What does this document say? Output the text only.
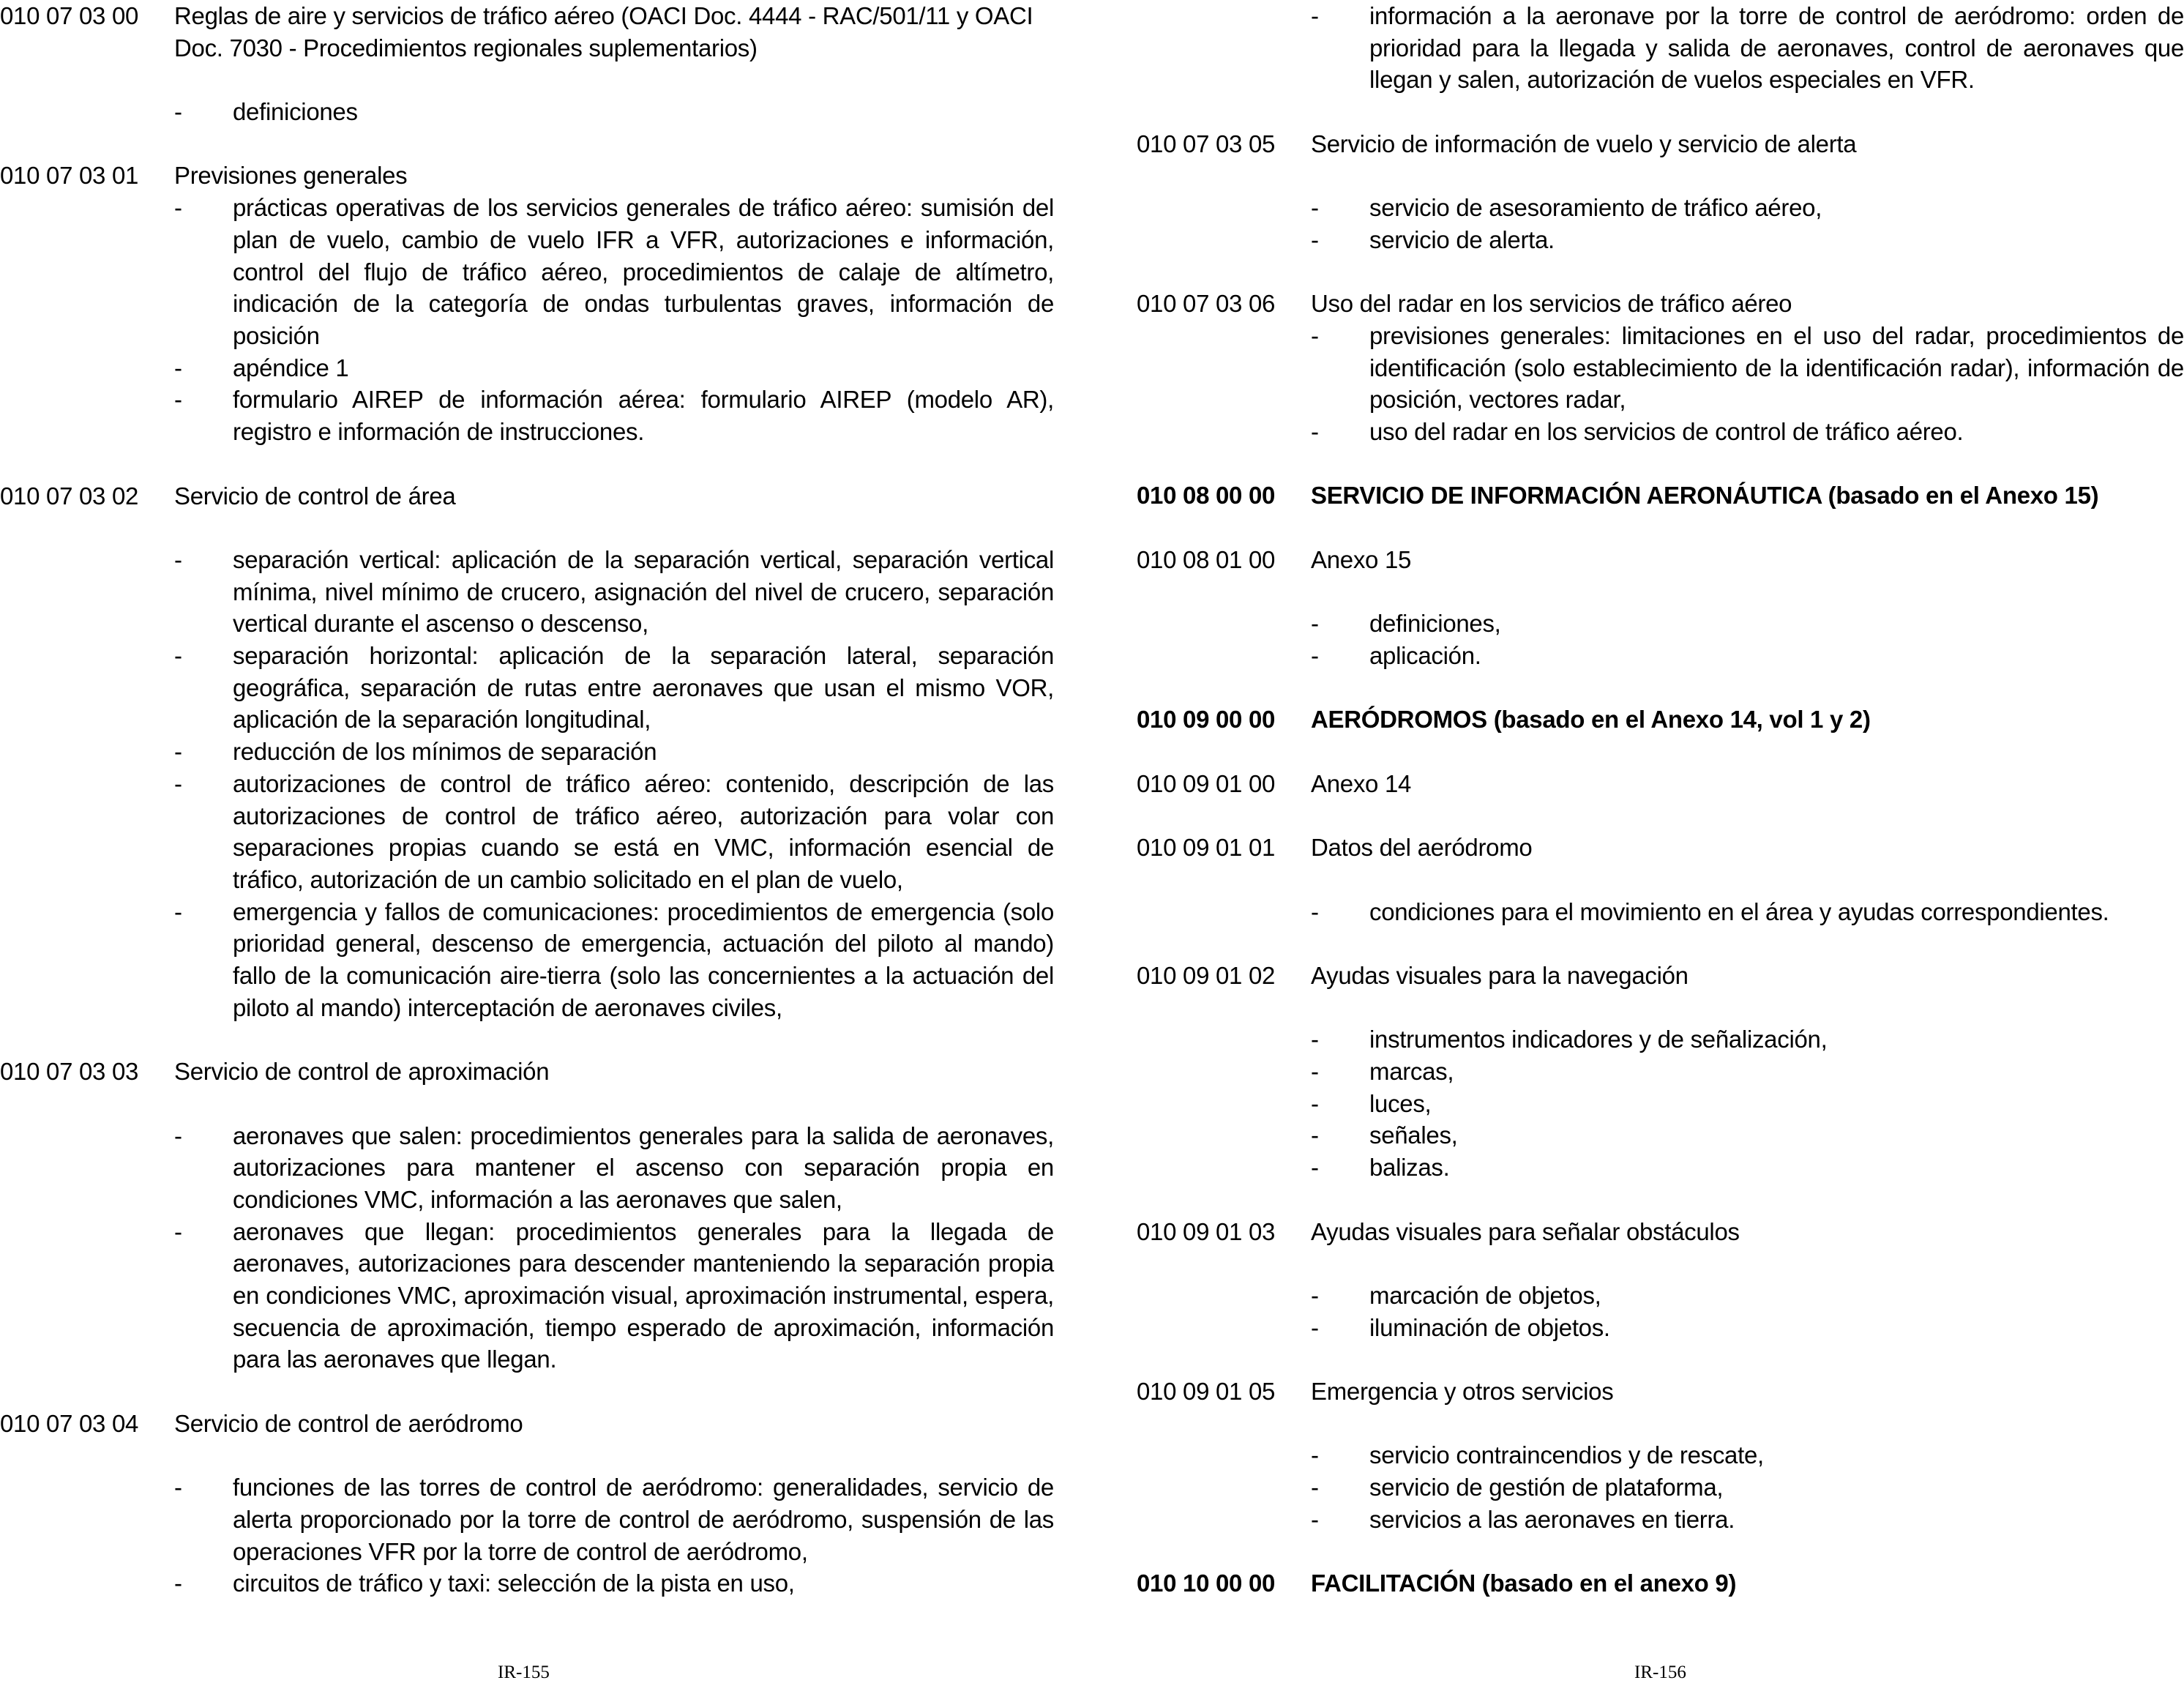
010 07 03 00	Reglas de aire y servicios de tráfico aéreo (OACI Doc. 4444 - RAC/501/11 y OACI Doc. 7030 - Procedimientos regionales suplementarios)
-	definiciones
010 07 03 01	Previsiones generales
-	prácticas operativas de los servicios generales de tráfico aéreo: sumisión del plan de vuelo, cambio de vuelo IFR a VFR, autorizaciones e información, control del flujo de tráfico aéreo, procedimientos de calaje de altímetro, indicación de la categoría de ondas turbulentas graves, información de posición
-	apéndice 1
-	formulario AIREP de información aérea: formulario AIREP (modelo AR), registro e información de instrucciones.
010 07 03 02	Servicio de control de área
-	separación vertical: aplicación de la separación vertical, separación vertical mínima, nivel mínimo de crucero, asignación del nivel de crucero, separación vertical durante el ascenso o descenso,
-	separación horizontal: aplicación de la separación lateral, separación geográfica, separación de rutas entre aeronaves que usan el mismo VOR, aplicación de la separación longitudinal,
-	reducción de los mínimos de separación
-	autorizaciones de control de tráfico aéreo: contenido, descripción de las autorizaciones de control de tráfico aéreo, autorización para volar con separaciones propias cuando se está en VMC, información esencial de tráfico, autorización de un cambio solicitado en el plan de vuelo,
-	emergencia y fallos de comunicaciones: procedimientos de emergencia (solo prioridad general, descenso de emergencia, actuación del piloto al mando) fallo de la comunicación aire-tierra (solo las concernientes a la actuación del piloto al mando) interceptación de aeronaves civiles,
010 07 03 03	Servicio de control de aproximación
-	aeronaves que salen: procedimientos generales para la salida de aeronaves, autorizaciones para mantener el ascenso con separación propia en condiciones VMC, información a las aeronaves que salen,
-	aeronaves que llegan: procedimientos generales para la llegada de aeronaves, autorizaciones para descender manteniendo la separación propia en condiciones VMC, aproximación visual, aproximación instrumental, espera, secuencia de aproximación, tiempo esperado de aproximación, información para las aeronaves que llegan.
010 07 03 04	Servicio de control de aeródromo
-	funciones de las torres de control de aeródromo: generalidades, servicio de alerta proporcionado por la torre de control de aeródromo, suspensión de las operaciones VFR por la torre de control de aeródromo,
-	circuitos de tráfico y taxi: selección de la pista en uso,
IR-155
-	información a la aeronave por la torre de control de aeródromo: orden de prioridad para la llegada y salida de aeronaves, control de aeronaves que llegan y salen, autorización de vuelos especiales en VFR.
010 07 03 05	Servicio de información de vuelo y servicio de alerta
-	servicio de asesoramiento de tráfico aéreo,
-	servicio de alerta.
010 07 03 06	Uso del radar en los servicios de tráfico aéreo
-	previsiones generales: limitaciones en el uso del radar, procedimientos de identificación (solo establecimiento de la identificación radar), información de posición, vectores radar,
-	uso del radar en los servicios de control de tráfico aéreo.
010 08 00 00	SERVICIO DE INFORMACIÓN AERONÁUTICA (basado en el Anexo 15)
010 08 01 00	Anexo 15
-	definiciones,
-	aplicación.
010 09 00 00	AERÓDROMOS (basado en el Anexo 14, vol 1 y 2)
010 09 01 00	Anexo 14
010 09 01 01	Datos del aeródromo
-	condiciones para el movimiento en el área y ayudas correspondientes.
010 09 01 02	Ayudas visuales para la navegación
-	instrumentos indicadores y de señalización,
-	marcas,
-	luces,
-	señales,
-	balizas.
010 09 01 03	Ayudas visuales para señalar obstáculos
-	marcación de objetos,
-	iluminación de objetos.
010 09 01 05	Emergencia y otros servicios
-	servicio contraincendios y de rescate,
-	servicio de gestión de plataforma,
-	servicios a las aeronaves en tierra.
010 10 00 00	FACILITACIÓN (basado en el anexo 9)
IR-156
